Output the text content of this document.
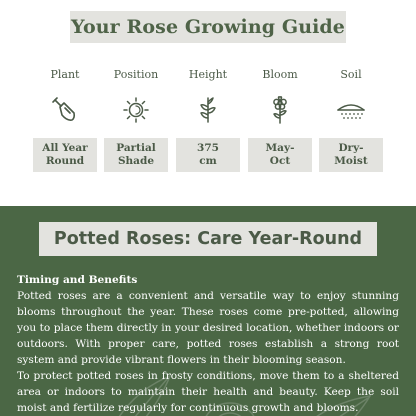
Your Rose Growing Guide
Plant
All Year
Round
Position
Partial
Shade
Height
375
cm
Bloom
May-
Oct
Soil
Dry-
Moist
Potted Roses: Care Year-Round
Timing and Benefits

Potted roses are a convenient and versatile way to enjoy stunning blooms throughout the year. These roses come pre-potted, allowing you to place them directly in your desired location, whether indoors or outdoors. With proper care, potted roses establish a strong root system and provide vibrant flowers in their blooming season.

To protect potted roses in frosty conditions, move them to a sheltered area or indoors to maintain their health and beauty. Keep the soil moist and fertilize regularly for continuous growth and blooms.
